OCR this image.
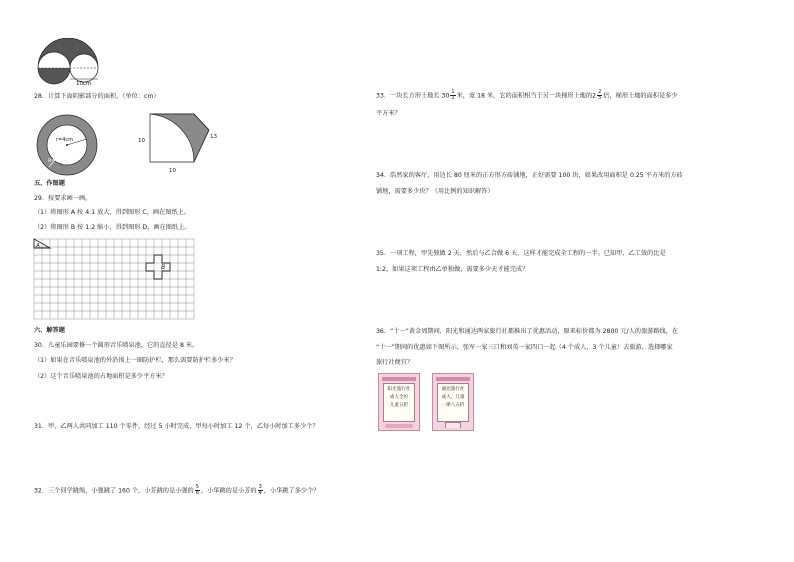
10cm
28．计算下面阴影部分的面积。（单位：cm）
r=4cm
R=6cm
10
10
13
五、作图题
29．按要求画一画。
（1）将图形 A 按 4:1 放大，得到图形 C，画在图纸上。
（2）将图形 B 按 1:2 缩小，得到图形 D，画在图纸上。
A
B
六、解答题
30．儿童乐园要修一个圆形音乐喷泉池，它的直径是 8 米。
（1）如果在音乐喷泉池的外沿围上一圈防护栏，那么需要防护栏多少米？
（2）这个音乐喷泉池的占地面积是多少平方米？
31．甲、乙两人共同加工 110 个零件，经过 5 小时完成，甲每小时加工 12 个，乙每小时加工多少个？
32．三个同学跳绳，小强跳了 160 个，小芳跳的是小强的 $\frac{5}{8}$ ，小华跳的是小芳的 $\frac{3}{4}$ ，小华跳了多少个？
33．一块长方形土地长 $30 \frac{1}{2}$ 米，宽 18 米，它的面积相当于另一块梯形土地的$2 \frac{2}{5}$ 倍，梯形土地的面积是多少
平方米？
34．浩然家的客厅，用边长 80 厘米的正方形方砖铺地，正好需要 100 块，如果改用面积是 0.25 平方米的方砖
铺地，需要多少块？（用比例的知识解答）
35．一项工程，甲先独做 2 天，然后与乙合做 6 天，这样才能完成全工程的一半。已知甲、乙工效的比是
1:2。如果这项工程由乙单独做，需要多少天才能完成？
36．“十一”黄金周期间，阳光和通达两家旅行社都推出了优惠活动，原来标价都为 2800 元/人的旅游路线，在
“十一”期间的优惠如下图所示。张军一家三口和刘英一家四口一起（4 个成人，3 个儿童）去旅游，选择哪家
旅行社便宜？
阳光旅行社
成人全价
儿童五折
通达旅行社
成人、儿童
一律八五折
